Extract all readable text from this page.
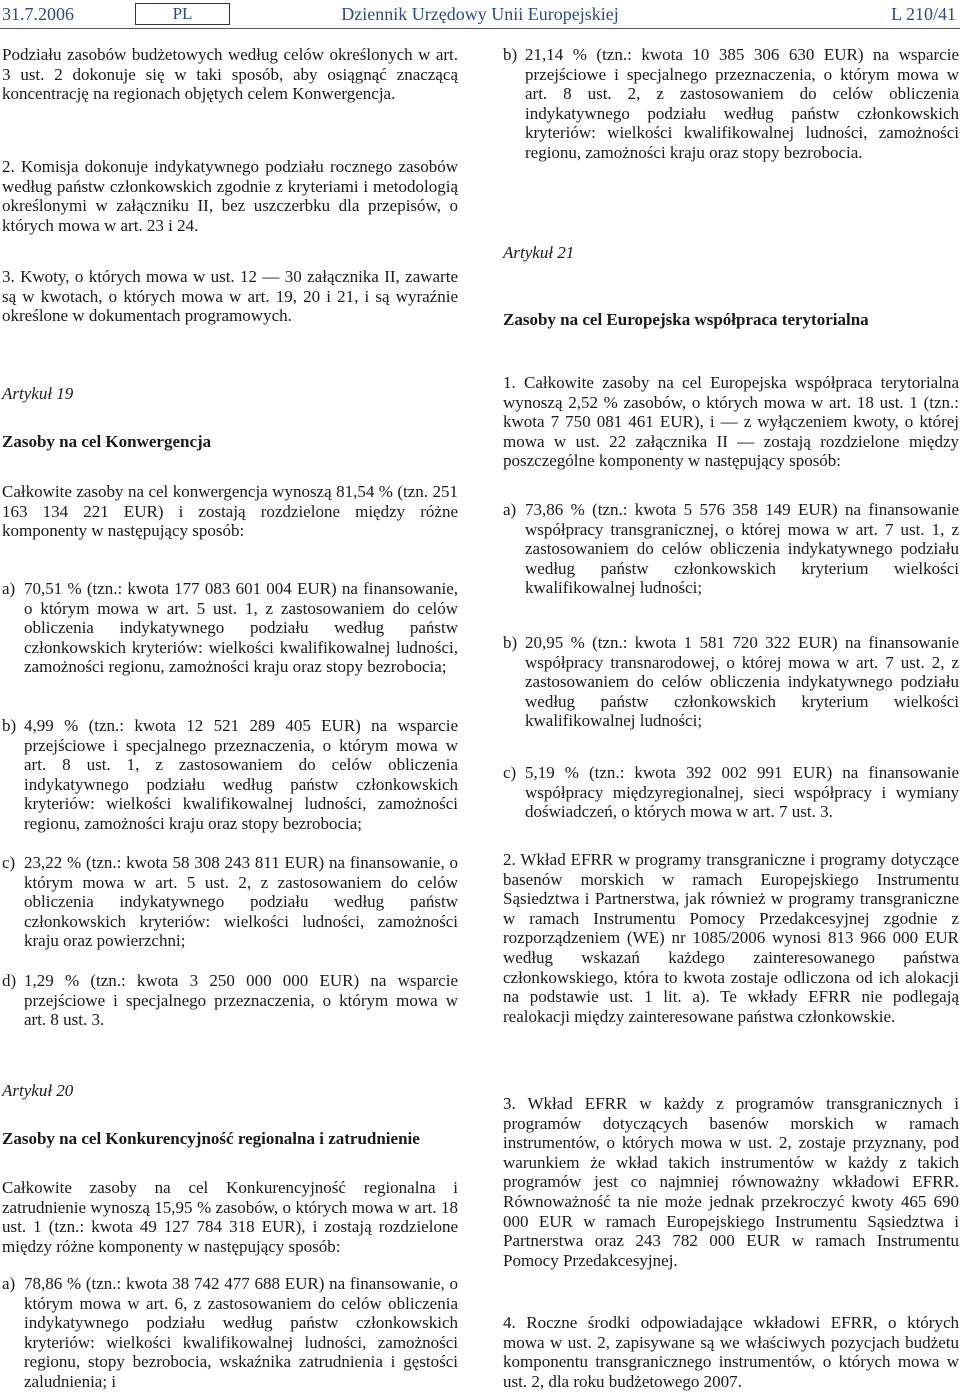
31.7.2006	PL	Dziennik Urzędowy Unii Europejskiej	L 210/41

Podziału zasobów budżetowych według celów określonych w art. 3 ust. 2 dokonuje się w taki sposób, aby osiągnąć znaczącą koncentrację na regionach objętych celem Konwergencja.

2. Komisja dokonuje indykatywnego podziału rocznego zasobów według państw członkowskich zgodnie z kryteriami i metodologią określonymi w załączniku II, bez uszczerbku dla przepisów, o których mowa w art. 23 i 24.

3. Kwoty, o których mowa w ust. 12 — 30 załącznika II, zawarte są w kwotach, o których mowa w art. 19, 20 i 21, i są wyraźnie określone w dokumentach programowych.

Artykuł 19

Zasoby na cel Konwergencja

Całkowite zasoby na cel konwergencja wynoszą 81,54 % (tzn. 251 163 134 221 EUR) i zostają rozdzielone między różne komponenty w następujący sposób:

a) 70,51 % (tzn.: kwota 177 083 601 004 EUR) na finansowanie, o którym mowa w art. 5 ust. 1, z zastosowaniem do celów obliczenia indykatywnego podziału według państw członkowskich kryteriów: wielkości kwalifikowalnej ludności, zamożności regionu, zamożności kraju oraz stopy bezrobocia;
b) 4,99 % (tzn.: kwota 12 521 289 405 EUR) na wsparcie przejściowe i specjalnego przeznaczenia, o którym mowa w art. 8 ust. 1, z zastosowaniem do celów obliczenia indykatywnego podziału według państw członkowskich kryteriów: wielkości kwalifikowalnej ludności, zamożności regionu, zamożności kraju oraz stopy bezrobocia;
c) 23,22 % (tzn.: kwota 58 308 243 811 EUR) na finansowanie, o którym mowa w art. 5 ust. 2, z zastosowaniem do celów obliczenia indykatywnego podziału według państw członkowskich kryteriów: wielkości ludności, zamożności kraju oraz powierzchni;
d) 1,29 % (tzn.: kwota 3 250 000 000 EUR) na wsparcie przejściowe i specjalnego przeznaczenia, o którym mowa w art. 8 ust. 3.

Artykuł 20

Zasoby na cel Konkurencyjność regionalna i zatrudnienie

Całkowite zasoby na cel Konkurencyjność regionalna i zatrudnienie wynoszą 15,95 % zasobów, o których mowa w art. 18 ust. 1 (tzn.: kwota 49 127 784 318 EUR), i zostają rozdzielone między różne komponenty w następujący sposób:

a) 78,86 % (tzn.: kwota 38 742 477 688 EUR) na finansowanie, o którym mowa w art. 6, z zastosowaniem do celów obliczenia indykatywnego podziału według państw członkowskich kryteriów: wielkości kwalifikowalnej ludności, zamożności regionu, stopy bezrobocia, wskaźnika zatrudnienia i gęstości zaludnienia; i
b) 21,14 % (tzn.: kwota 10 385 306 630 EUR) na wsparcie przejściowe i specjalnego przeznaczenia, o którym mowa w art. 8 ust. 2, z zastosowaniem do celów obliczenia indykatywnego podziału według państw członkowskich kryteriów: wielkości kwalifikowalnej ludności, zamożności regionu, zamożności kraju oraz stopy bezrobocia.

Artykuł 21

Zasoby na cel Europejska współpraca terytorialna

1. Całkowite zasoby na cel Europejska współpraca terytorialna wynoszą 2,52 % zasobów, o których mowa w art. 18 ust. 1 (tzn.: kwota 7 750 081 461 EUR), i — z wyłączeniem kwoty, o której mowa w ust. 22 załącznika II — zostają rozdzielone między poszczególne komponenty w następujący sposób:

a) 73,86 % (tzn.: kwota 5 576 358 149 EUR) na finansowanie współpracy transgranicznej, o której mowa w art. 7 ust. 1, z zastosowaniem do celów obliczenia indykatywnego podziału według państw członkowskich kryterium wielkości kwalifikowalnej ludności;
b) 20,95 % (tzn.: kwota 1 581 720 322 EUR) na finansowanie współpracy transnarodowej, o której mowa w art. 7 ust. 2, z zastosowaniem do celów obliczenia indykatywnego podziału według państw członkowskich kryterium wielkości kwalifikowalnej ludności;
c) 5,19 % (tzn.: kwota 392 002 991 EUR) na finansowanie współpracy międzyregionalnej, sieci współpracy i wymiany doświadczeń, o których mowa w art. 7 ust. 3.

2. Wkład EFRR w programy transgraniczne i programy dotyczące basenów morskich w ramach Europejskiego Instrumentu Sąsiedztwa i Partnerstwa, jak również w programy transgraniczne w ramach Instrumentu Pomocy Przedakcesyjnej zgodnie z rozporządzeniem (WE) nr 1085/2006 wynosi 813 966 000 EUR według wskazań każdego zainteresowanego państwa członkowskiego, która to kwota zostaje odliczona od ich alokacji na podstawie ust. 1 lit. a). Te wkłady EFRR nie podlegają realokacji między zainteresowane państwa członkowskie.

3. Wkład EFRR w każdy z programów transgranicznych i programów dotyczących basenów morskich w ramach instrumentów, o których mowa w ust. 2, zostaje przyznany, pod warunkiem że wkład takich instrumentów w każdy z takich programów jest co najmniej równoważny wkładowi EFRR. Równoważność ta nie może jednak przekroczyć kwoty 465 690 000 EUR w ramach Europejskiego Instrumentu Sąsiedztwa i Partnerstwa oraz 243 782 000 EUR w ramach Instrumentu Pomocy Przedakcesyjnej.

4. Roczne środki odpowiadające wkładowi EFRR, o których mowa w ust. 2, zapisywane są we właściwych pozycjach budżetu komponentu transgranicznego instrumentów, o których mowa w ust. 2, dla roku budżetowego 2007.
